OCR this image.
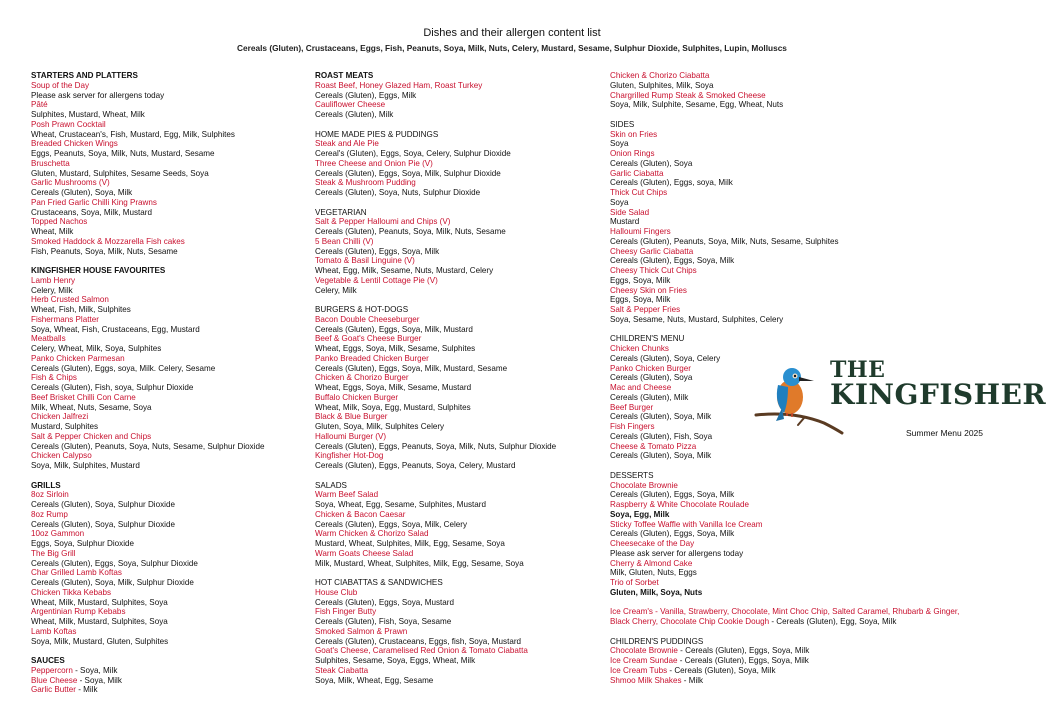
Dishes and their allergen content list
Cereals (Gluten), Crustaceans, Eggs, Fish, Peanuts, Soya, Milk, Nuts, Celery, Mustard, Sesame, Sulphur Dioxide, Sulphites, Lupin, Molluscs
STARTERS AND PLATTERS
Soup of the Day
Please ask server for allergens today
Pâté
Sulphites, Mustard, Wheat, Milk
Posh Prawn Cocktail
Wheat, Crustacean's, Fish, Mustard, Egg, Milk, Sulphites
Breaded Chicken Wings
Eggs, Peanuts, Soya, Milk, Nuts, Mustard, Sesame
Bruschetta
Gluten, Mustard, Sulphites, Sesame Seeds, Soya
Garlic Mushrooms (V)
Cereals (Gluten), Soya, Milk
Pan Fried Garlic Chilli King Prawns
Crustaceans, Soya, Milk, Mustard
Topped Nachos
Wheat, Milk
Smoked Haddock & Mozzarella Fish cakes
Fish, Peanuts, Soya, Milk, Nuts, Sesame
KINGFISHER HOUSE FAVOURITES
Lamb Henry
Celery, Milk
Herb Crusted Salmon
Wheat, Fish, Milk, Sulphites
Fishermans Platter
Soya, Wheat, Fish, Crustaceans, Egg, Mustard
Meatballs
Celery, Wheat, Milk, Soya, Sulphites
Panko Chicken Parmesan
Cereals (Gluten), Eggs, soya, Milk. Celery, Sesame
Fish & Chips
Cereals (Gluten), Fish, soya, Sulphur Dioxide
Beef Brisket Chilli Con Carne
Milk, Wheat, Nuts, Sesame, Soya
Chicken Jalfrezi
Mustard, Sulphites
Salt & Pepper Chicken and Chips
Cereals (Gluten), Peanuts, Soya, Nuts, Sesame, Sulphur Dioxide
Chicken Calypso
Soya, Milk, Sulphites, Mustard
GRILLS
8oz Sirloin
Cereals (Gluten), Soya, Sulphur Dioxide
8oz Rump
Cereals (Gluten), Soya, Sulphur Dioxide
10oz Gammon
Eggs, Soya, Sulphur Dioxide
The Big Grill
Cereals (Gluten), Eggs, Soya, Sulphur Dioxide
Char Grilled Lamb Koftas
Cereals (Gluten), Soya, Milk, Sulphur Dioxide
Chicken Tikka Kebabs
Wheat, Milk, Mustard, Sulphites, Soya
Argentinian Rump Kebabs
Wheat, Milk, Mustard, Sulphites, Soya
Lamb Koftas
Soya, Milk, Mustard, Gluten, Sulphites
SAUCES
Peppercorn - Soya, Milk
Blue Cheese - Soya, Milk
Garlic Butter - Milk
ROAST MEATS
Roast Beef, Honey Glazed Ham, Roast Turkey
Cereals (Gluten), Eggs, Milk
Cauliflower Cheese
Cereals (Gluten), Milk
HOME MADE PIES & PUDDINGS
Steak and Ale Pie
Cereal's (Gluten), Eggs, Soya, Celery, Sulphur Dioxide
Three Cheese and Onion Pie (V)
Cereals (Gluten), Eggs, Soya, Milk, Sulphur Dioxide
Steak & Mushroom Pudding
Cereals (Gluten), Soya, Nuts, Sulphur Dioxide
VEGETARIAN
Salt & Pepper Halloumi and Chips (V)
Cereals (Gluten), Peanuts, Soya, Milk, Nuts, Sesame
5 Bean Chilli (V)
Cereals (Gluten), Eggs, Soya, Milk
Tomato & Basil Linguine (V)
Wheat, Egg, Milk, Sesame, Nuts, Mustard, Celery
Vegetable & Lentil Cottage Pie (V)
Celery, Milk
BURGERS & HOT-DOGS
Bacon Double Cheeseburger
Cereals (Gluten), Eggs, Soya, Milk, Mustard
Beef & Goat's Cheese Burger
Wheat, Eggs, Soya, Milk, Sesame, Sulphites
Panko Breaded Chicken Burger
Cereals (Gluten), Eggs, Soya, Milk, Mustard, Sesame
Chicken & Chorizo Burger
Wheat, Eggs, Soya, Milk, Sesame, Mustard
Buffalo Chicken Burger
Wheat, Milk, Soya, Egg, Mustard, Sulphites
Black & Blue Burger
Gluten, Soya, Milk, Sulphites Celery
Halloumi Burger (V)
Cereals (Gluten), Eggs, Peanuts, Soya, Milk, Nuts, Sulphur Dioxide
Kingfisher Hot-Dog
Cereals (Gluten), Eggs, Peanuts, Soya, Celery, Mustard
SALADS
Warm Beef Salad
Soya, Wheat, Egg, Sesame, Sulphites, Mustard
Chicken & Bacon Caesar
Cereals (Gluten), Eggs, Soya, Milk, Celery
Warm Chicken & Chorizo Salad
Mustard, Wheat, Sulphites, Milk, Egg, Sesame, Soya
Warm Goats Cheese Salad
Milk, Mustard, Wheat, Sulphites, Milk, Egg, Sesame, Soya
HOT CIABATTAS & SANDWICHES
House Club
Cereals (Gluten), Eggs, Soya, Mustard
Fish Finger Butty
Cereals (Gluten), Fish, Soya, Sesame
Smoked Salmon & Prawn
Cereals (Gluten), Crustaceans, Eggs, fish, Soya, Mustard
Goat's Cheese, Caramelised Red Onion & Tomato Ciabatta
Sulphites, Sesame, Soya, Eggs, Wheat, Milk
Steak Ciabatta
Soya, Milk, Wheat, Egg, Sesame
Chicken & Chorizo Ciabatta
Gluten, Sulphites, Milk, Soya
Chargrilled Rump Steak & Smoked Cheese
Soya, Milk, Sulphite, Sesame, Egg, Wheat, Nuts
SIDES
Skin on Fries
Soya
Onion Rings
Cereals (Gluten), Soya
Garlic Ciabatta
Cereals (Gluten), Eggs, soya, Milk
Thick Cut Chips
Soya
Side Salad
Mustard
Halloumi Fingers
Cereals (Gluten), Peanuts, Soya, Milk, Nuts, Sesame, Sulphites
Cheesy Garlic Ciabatta
Cereals (Gluten), Eggs, Soya, Milk
Cheesy Thick Cut Chips
Eggs, Soya, Milk
Cheesy Skin on Fries
Eggs, Soya, Milk
Salt & Pepper Fries
Soya, Sesame, Nuts, Mustard, Sulphites, Celery
CHILDREN'S MENU
Chicken Chunks
Cereals (Gluten), Soya, Celery
Panko Chicken Burger
Cereals (Gluten), Soya
Mac and Cheese
Cereals (Gluten), Milk
Beef Burger
Cereals (Gluten), Soya, Milk
Fish Fingers
Cereals (Gluten), Fish, Soya
Cheese & Tomato Pizza
Cereals (Gluten), Soya, Milk
DESSERTS
Chocolate Brownie
Cereals (Gluten), Eggs, Soya, Milk
Raspberry & White Chocolate Roulade
Soya, Egg, Milk
Sticky Toffee Waffle with Vanilla Ice Cream
Cereals (Gluten), Eggs, Soya, Milk
Cheesecake of the Day
Please ask server for allergens today
Cherry & Almond Cake
Milk, Gluten, Nuts, Eggs
Trio of Sorbet
Gluten, Milk, Soya, Nuts
Ice Cream's - Vanilla, Strawberry, Chocolate, Mint Choc Chip, Salted Caramel, Rhubarb & Ginger, Black Cherry, Chocolate Chip Cookie Dough - Cereals (Gluten), Egg, Soya, Milk
CHILDREN'S PUDDINGS
Chocolate Brownie - Cereals (Gluten), Eggs, Soya, Milk
Ice Cream Sundae - Cereals (Gluten), Eggs, Soya, Milk
Ice Cream Tubs - Cereals (Gluten), Soya, Milk
Shmoo Milk Shakes - Milk
THE
KINGFISHER
Summer Menu 2025
